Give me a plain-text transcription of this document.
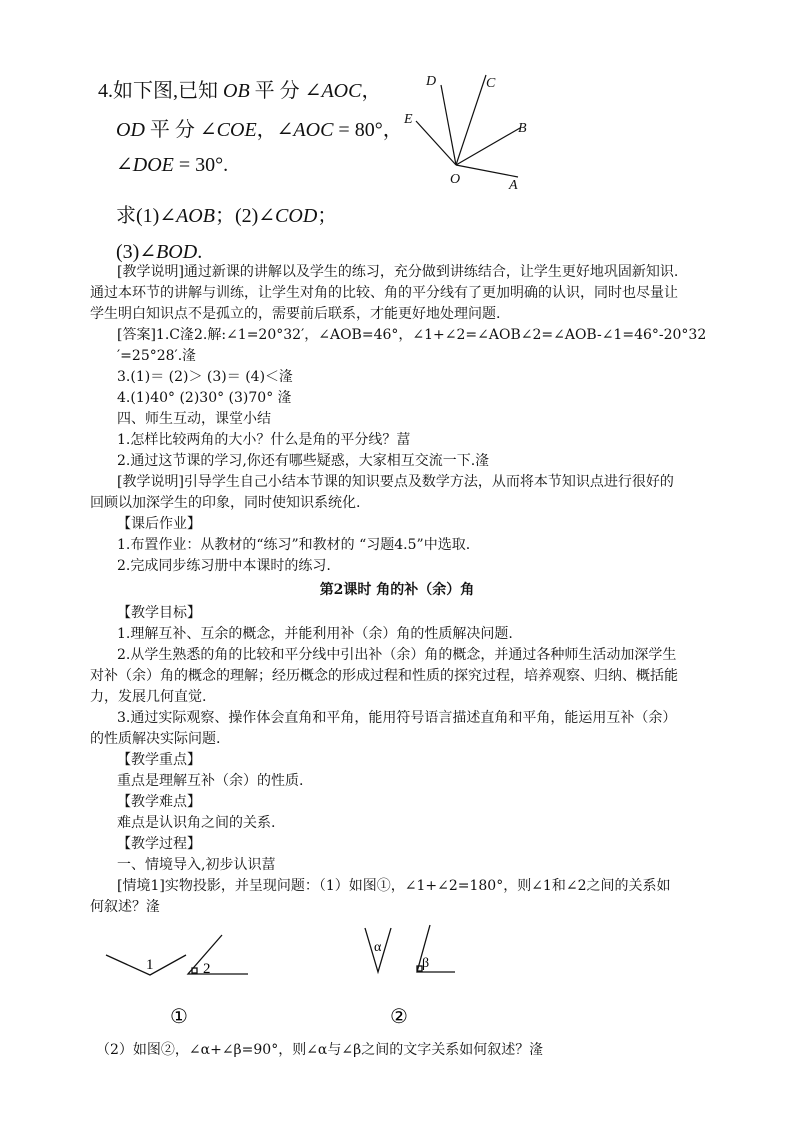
4.如下图,已知 OB 平 分 ∠AOC，
OD 平 分 ∠COE，∠AOC = 80°，
∠DOE = 30°.
求(1)∠AOB；(2)∠COD；
(3)∠BOD.
D	C
E
B
O	A
[教学说明]通过新课的讲解以及学生的练习，充分做到讲练结合，让学生更好地巩固新知识.
通过本环节的讲解与训练，让学生对角的比较、角的平分线有了更加明确的认识，同时也尽量让
学生明白知识点不是孤立的，需要前后联系，才能更好地处理问题.
[答案]1.C湰2.解:∠1=20°32′，∠AOB=46°，∠1+∠2=∠AOB∠2=∠AOB-∠1=46°-20°32
′=25°28′.湰
3.(1)＝ (2)＞ (3)＝ (4)＜湰
4.(1)40° (2)30° (3)70° 湰
四、师生互动，课堂小结
1.怎样比较两角的大小？什么是角的平分线？葍
2.通过这节课的学习,你还有哪些疑惑，大家相互交流一下.湰
[教学说明]引导学生自己小结本节课的知识要点及数学方法，从而将本节知识点进行很好的
回顾以加深学生的印象，同时使知识系统化.
【课后作业】
1.布置作业：从教材的“练习”和教材的 “习题4.5”中选取.
2.完成同步练习册中本课时的练习.
第2课时 角的补（余）角
【教学目标】
1.理解互补、互余的概念，并能利用补（余）角的性质解决问题.
2.从学生熟悉的角的比较和平分线中引出补（余）角的概念，并通过各种师生活动加深学生
对补（余）角的概念的理解；经历概念的形成过程和性质的探究过程，培养观察、归纳、概括能
力，发展几何直觉.
3.通过实际观察、操作体会直角和平角，能用符号语言描述直角和平角，能运用互补（余）
的性质解决实际问题.
【教学重点】
重点是理解互补（余）的性质.
【教学难点】
难点是认识角之间的关系.
【教学过程】
一、情境导入,初步认识葍
[情境1]实物投影，并呈现问题：（1）如图①，∠1+∠2=180°，则∠1和∠2之间的关系如
何叙述？湰
1	2
①
α
β
②
（2）如图②，∠α+∠β=90°，则∠α与∠β之间的文字关系如何叙述？湰
